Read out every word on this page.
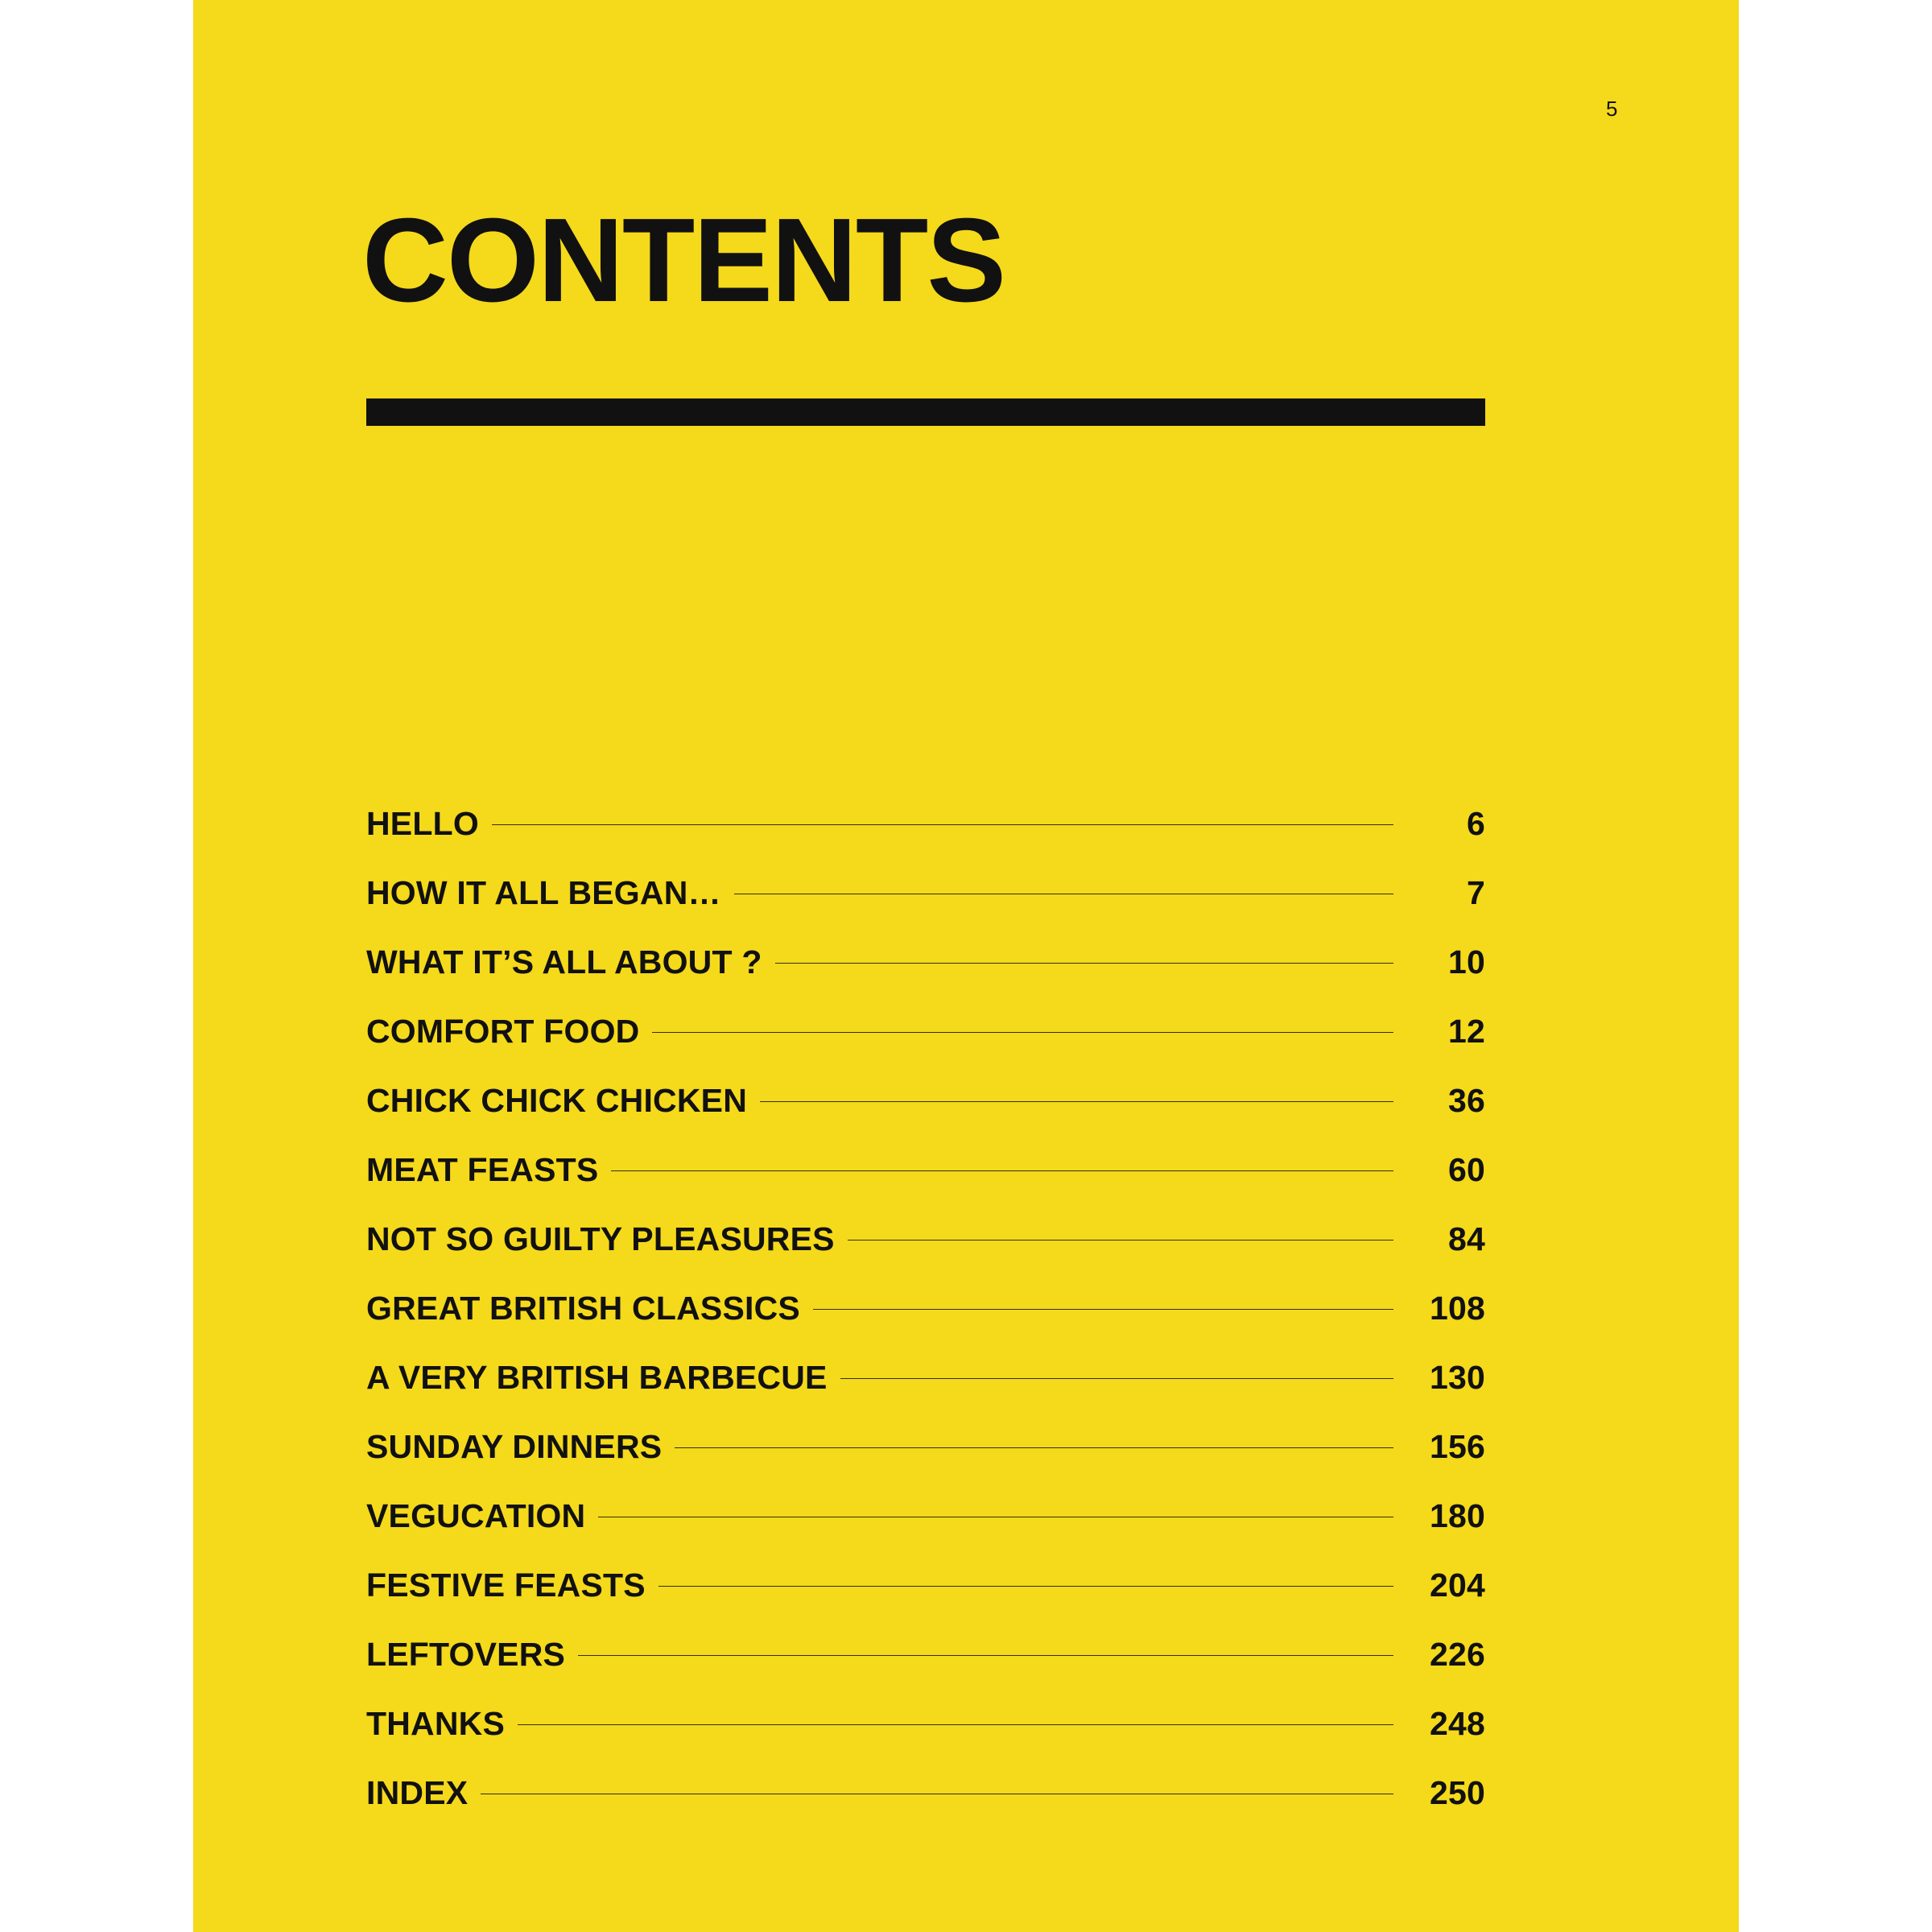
5
CONTENTS
HELLO	6
HOW IT ALL BEGAN…	7
WHAT IT’S ALL ABOUT ?	10
COMFORT FOOD	12
CHICK CHICK CHICKEN	36
MEAT FEASTS	60
NOT SO GUILTY PLEASURES	84
GREAT BRITISH CLASSICS	108
A VERY BRITISH BARBECUE	130
SUNDAY DINNERS	156
VEGUCATION	180
FESTIVE FEASTS	204
LEFTOVERS	226
THANKS	248
INDEX	250
